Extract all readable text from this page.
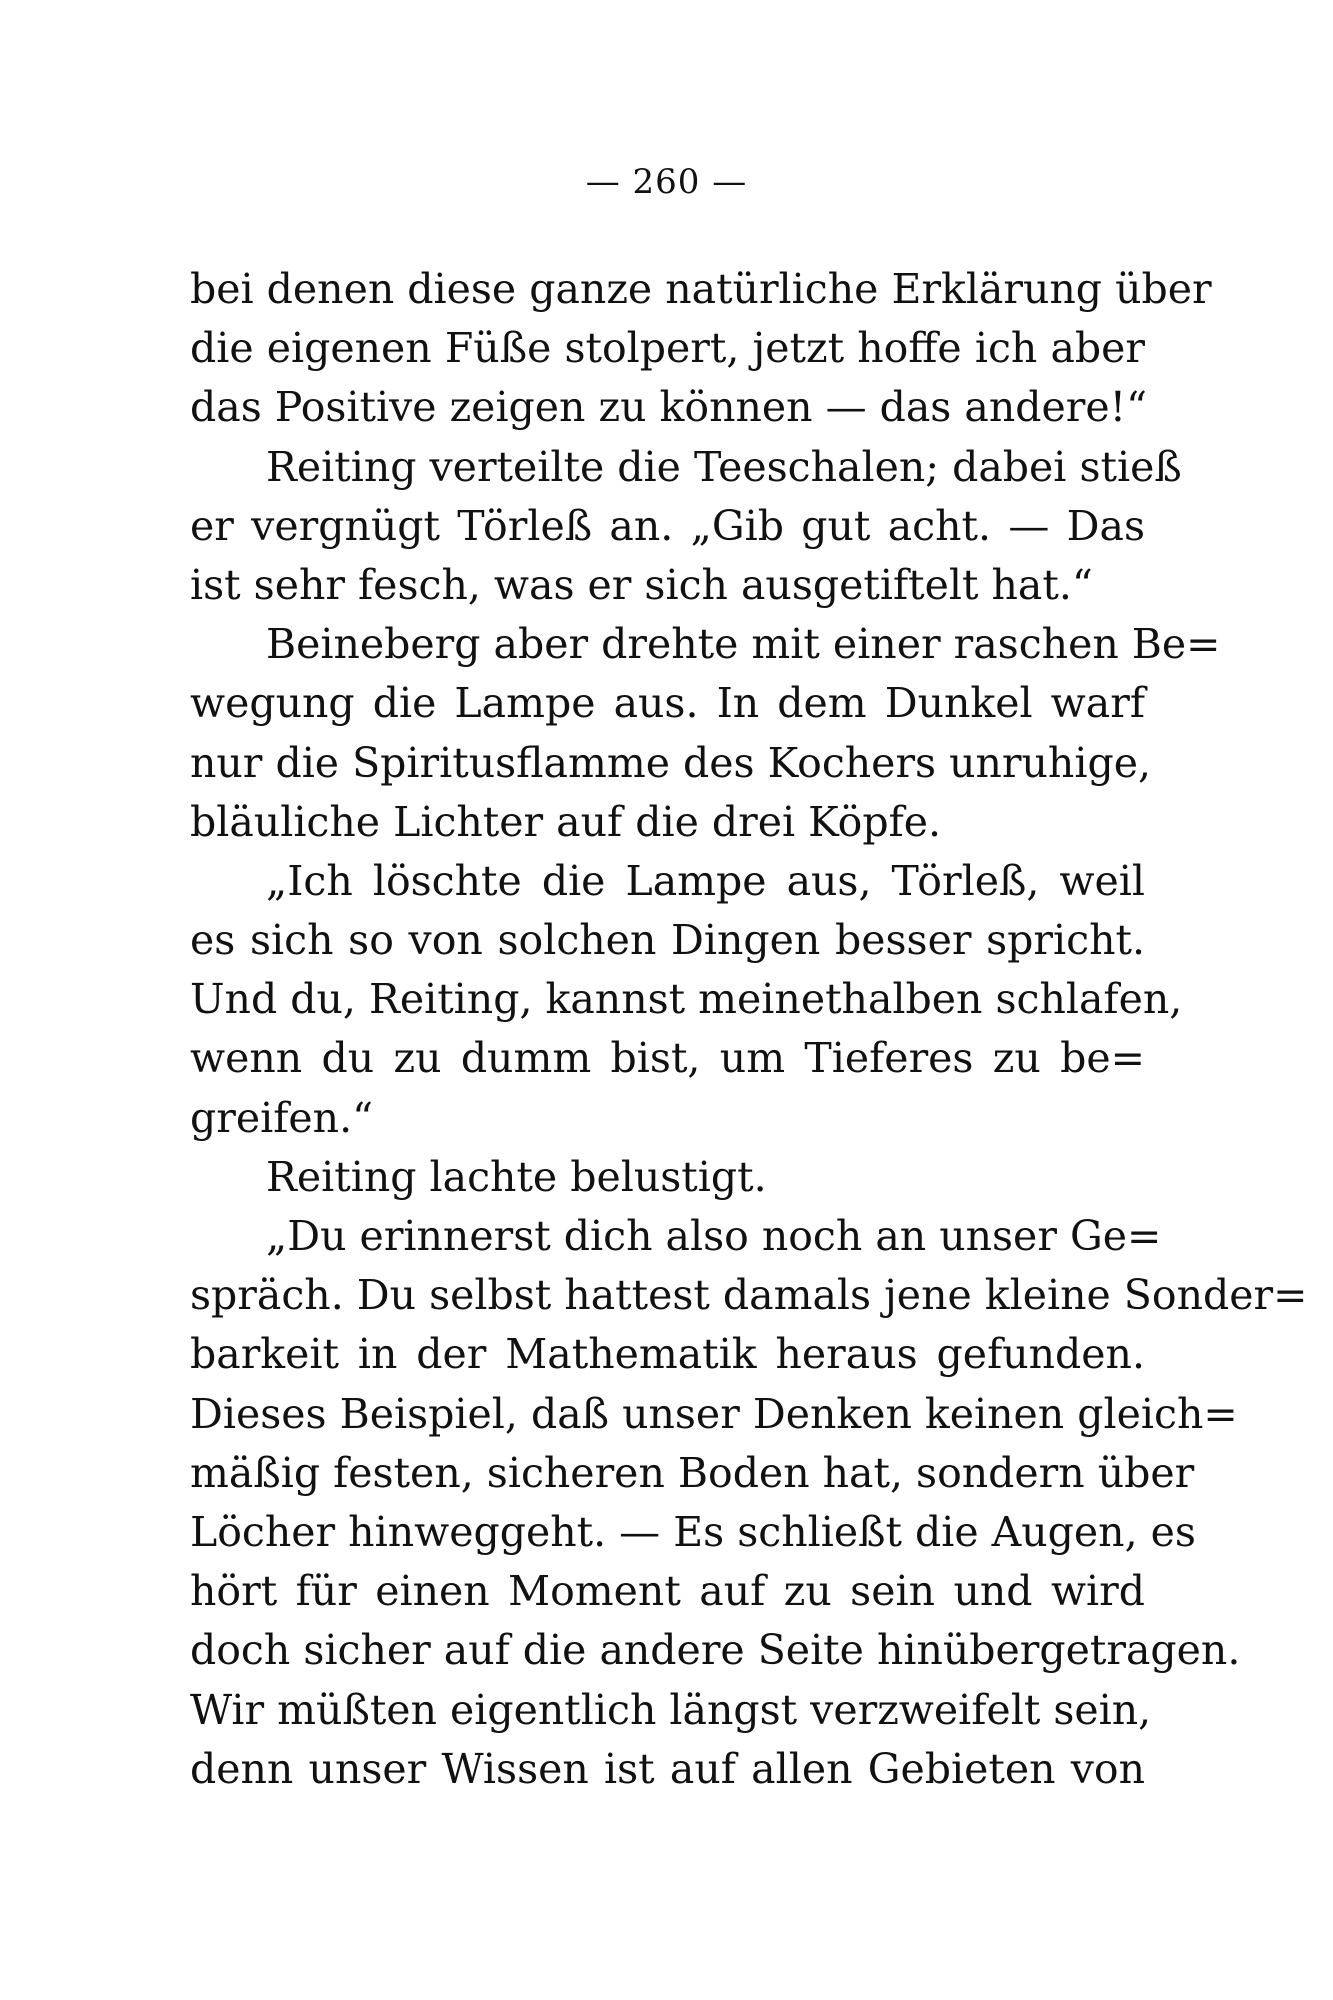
— 260 —
bei denen diese ganze natürliche Erklärung über
die eigenen Füße stolpert, jetzt hoffe ich aber
das Positive zeigen zu können — das andere!“
Reiting verteilte die Teeschalen; dabei stieß
er vergnügt Törleß an. „Gib gut acht. — Das
ist sehr fesch, was er sich ausgetiftelt hat.“
Beineberg aber drehte mit einer raschen Be=
wegung die Lampe aus. In dem Dunkel warf
nur die Spiritusflamme des Kochers unruhige,
bläuliche Lichter auf die drei Köpfe.
„Ich löschte die Lampe aus, Törleß, weil
es sich so von solchen Dingen besser spricht.
Und du, Reiting, kannst meinethalben schlafen,
wenn du zu dumm bist, um Tieferes zu be=
greifen.“
Reiting lachte belustigt.
„Du erinnerst dich also noch an unser Ge=
spräch. Du selbst hattest damals jene kleine Sonder=
barkeit in der Mathematik heraus gefunden.
Dieses Beispiel, daß unser Denken keinen gleich=
mäßig festen, sicheren Boden hat, sondern über
Löcher hinweggeht. — Es schließt die Augen, es
hört für einen Moment auf zu sein und wird
doch sicher auf die andere Seite hinübergetragen.
Wir müßten eigentlich längst verzweifelt sein,
denn unser Wissen ist auf allen Gebieten von
